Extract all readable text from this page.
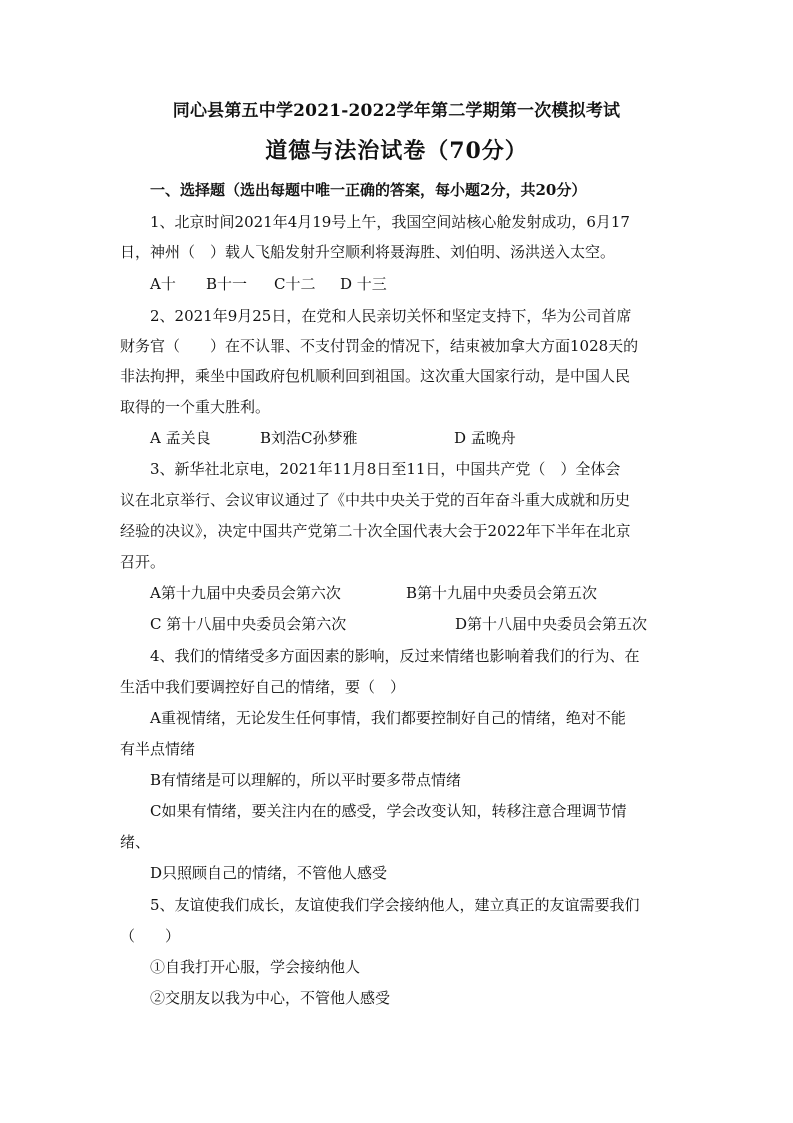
同心县第五中学2021-2022学年第二学期第一次模拟考试
道德与法治试卷（70分）
一、选择题（选出每题中唯一正确的答案，每小题2分，共20分）
1、北京时间2021年4月19号上午，我国空间站核心舱发射成功，6月17
日，神州（　）载人飞船发射升空顺利将聂海胜、刘伯明、汤洪送入太空。
A十 B十一 C十二 D 十三
2、2021年9月25日，在党和人民亲切关怀和坚定支持下，华为公司首席
财务官（　　）在不认罪、不支付罚金的情况下，结束被加拿大方面1028天的
非法拘押，乘坐中国政府包机顺利回到祖国。这次重大国家行动，是中国人民
取得的一个重大胜利。
A 孟关良	B刘浩C孙梦雅	D 孟晚舟
3、新华社北京电，2021年11月8日至11日，中国共产党（　）全体会
议在北京举行、会议审议通过了《中共中央关于党的百年奋斗重大成就和历史
经验的决议》，决定中国共产党第二十次全国代表大会于2022年下半年在北京
召开。
A第十九届中央委员会第六次	B第十九届中央委员会第五次
C 第十八届中央委员会第六次	D第十八届中央委员会第五次
4、我们的情绪受多方面因素的影响，反过来情绪也影响着我们的行为、在
生活中我们要调控好自己的情绪，要（　）
A重视情绪，无论发生任何事情，我们都要控制好自己的情绪，绝对不能
有半点情绪
B有情绪是可以理解的，所以平时要多带点情绪
C如果有情绪，要关注内在的感受，学会改变认知，转移注意合理调节情
绪、
D只照顾自己的情绪，不管他人感受
5、友谊使我们成长，友谊使我们学会接纳他人，建立真正的友谊需要我们
（　　）
①自我打开心服，学会接纳他人
②交朋友以我为中心，不管他人感受
